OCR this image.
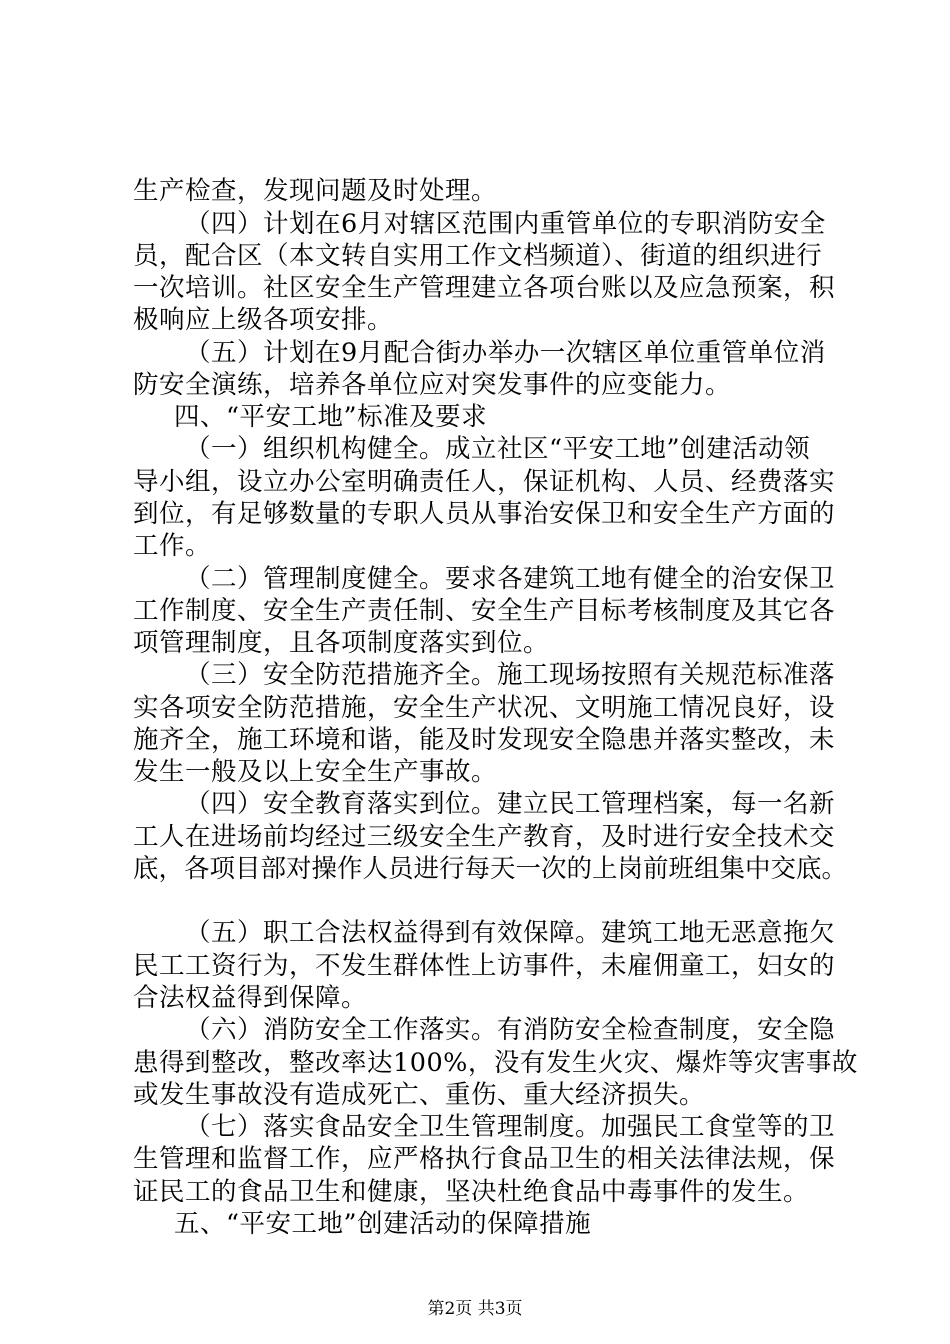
生产检查，发现问题及时处理。
（四）计划在6月对辖区范围内重管单位的专职消防安全
员，配合区（本文转自实用工作文档频道）、街道的组织进行
一次培训。社区安全生产管理建立各项台账以及应急预案，积
极响应上级各项安排。
（五）计划在9月配合街办举办一次辖区单位重管单位消
防安全演练，培养各单位应对突发事件的应变能力。
四、“平安工地”标准及要求
（一）组织机构健全。成立社区“平安工地”创建活动领
导小组，设立办公室明确责任人，保证机构、人员、经费落实
到位，有足够数量的专职人员从事治安保卫和安全生产方面的
工作。
（二）管理制度健全。要求各建筑工地有健全的治安保卫
工作制度、安全生产责任制、安全生产目标考核制度及其它各
项管理制度，且各项制度落实到位。
（三）安全防范措施齐全。施工现场按照有关规范标准落
实各项安全防范措施，安全生产状况、文明施工情况良好，设
施齐全，施工环境和谐，能及时发现安全隐患并落实整改，未
发生一般及以上安全生产事故。
（四）安全教育落实到位。建立民工管理档案，每一名新
工人在进场前均经过三级安全生产教育，及时进行安全技术交
底，各项目部对操作人员进行每天一次的上岗前班组集中交底。
（五）职工合法权益得到有效保障。建筑工地无恶意拖欠
民工工资行为，不发生群体性上访事件，未雇佣童工，妇女的
合法权益得到保障。
（六）消防安全工作落实。有消防安全检查制度，安全隐
患得到整改，整改率达100%，没有发生火灾、爆炸等灾害事故
或发生事故没有造成死亡、重伤、重大经济损失。
（七）落实食品安全卫生管理制度。加强民工食堂等的卫
生管理和监督工作，应严格执行食品卫生的相关法律法规，保
证民工的食品卫生和健康，坚决杜绝食品中毒事件的发生。
五、“平安工地”创建活动的保障措施
第2页 共3页
